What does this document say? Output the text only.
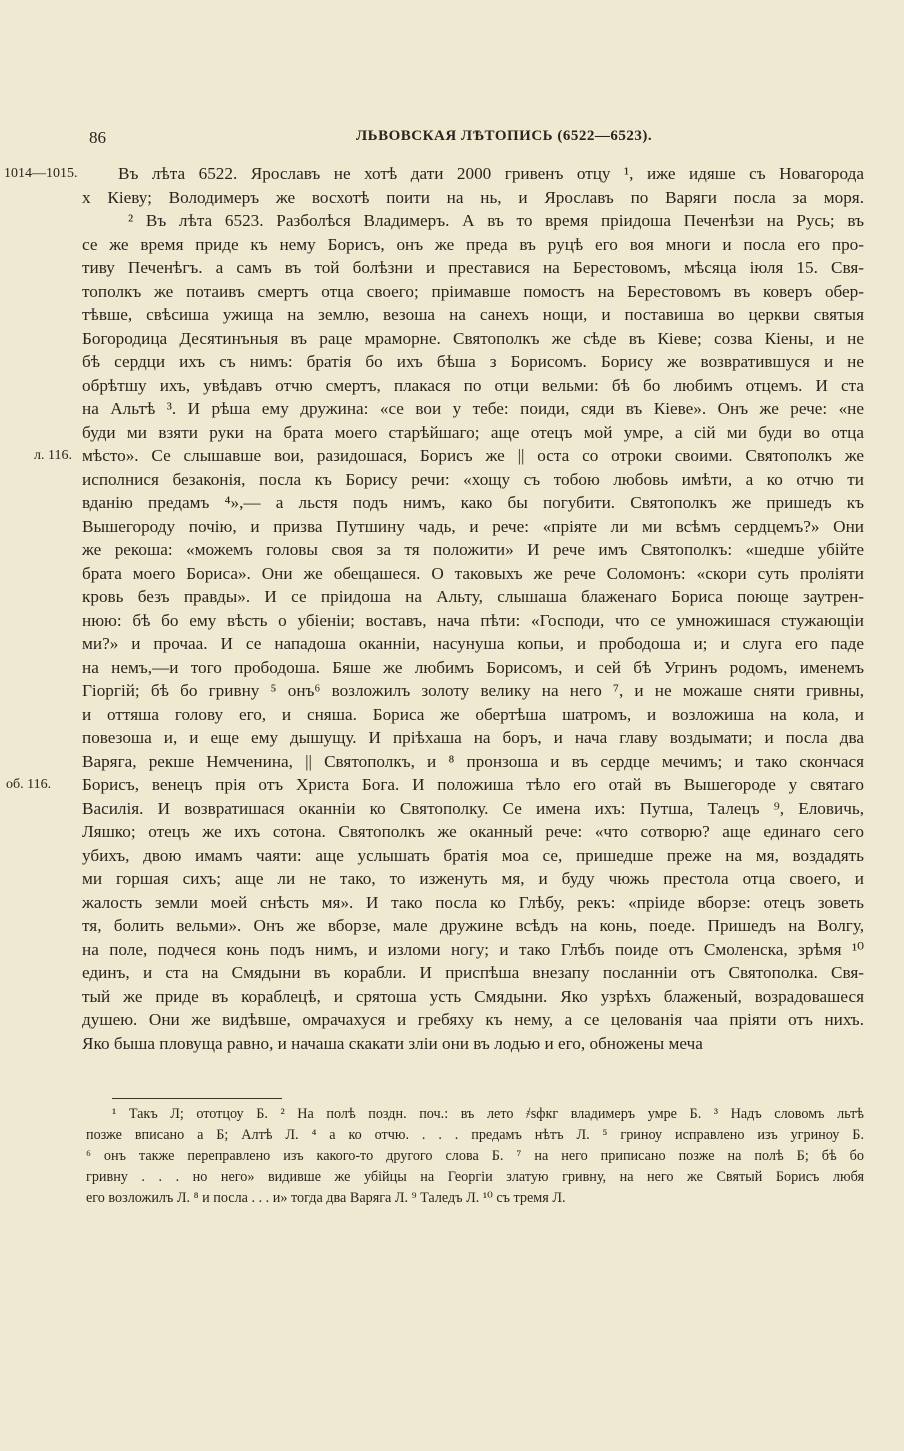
86	ЛЬВОВСКАЯ ЛѢТОПИСЬ (6522—6523).
1014—1015.
л. 116.
об. 116.
Въ лѣта 6522. Ярославъ не хотѣ дати 2000 гривенъ отцу ¹, иже идяше съ Новагорода
х Кіеву; Володимеръ же восхотѣ поити на нь, и Ярославъ по Варяги посла за моря.
² Въ лѣта 6523. Разболѣся Владимеръ. А въ то время пріидоша Печенѣзи на Русь; въ
се же время приде къ нему Борисъ, онъ же преда въ руцѣ его воя многи и посла его про-
тиву Печенѣгъ. а самъ въ той болѣзни и преставися на Берестовомъ, мѣсяца іюля 15. Свя-
тополкъ же потаивъ смертъ отца своего; пріимавше помостъ на Берестовомъ въ коверъ обер-
тѣвше, свѣсиша ужища на землю, везоша на санехъ нощи, и поставиша во церкви святыя
Богородица Десятинъныя въ раце мраморне. Святополкъ же сѣде въ Кіеве; созва Кіены, и не
бѣ сердци ихъ съ нимъ: братія бо ихъ бѣша з Борисомъ. Борису же возвратившуся и не
обрѣтшу ихъ, увѣдавъ отчю смертъ, плакася по отци вельми: бѣ бо любимъ отцемъ. И ста
на Альтѣ ³. И рѣша ему дружина: «се вои у тебе: поиди, сяди въ Кіеве». Онъ же рече: «не
буди ми взяти руки на брата моего старѣйшаго; аще отецъ мой умре, а сій ми буди во отца
мѣсто». Се слышавше вои, разидошася, Борисъ же || оста со отроки своими. Святополкъ же
исполнися безаконія, посла къ Борису речи: «хощу съ тобою любовь имѣти, а ко отчю ти
вданію предамъ ⁴»,— а льстя подъ нимъ, како бы погубити. Святополкъ же пришедъ къ
Вышегороду почію, и призва Путшину чадь, и рече: «пріяте ли ми всѣмъ сердцемъ?» Они
же рекоша: «можемъ головы своя за тя положити» И рече имъ Святополкъ: «шедше убійте
брата моего Бориса». Они же обещашеся. О таковыхъ же рече Соломонъ: «скори суть проліяти
кровь безъ правды». И се пріидоша на Альту, слышаша блаженаго Бориса поюще заутрен-
нюю: бѣ бо ему вѣсть о убіеніи; воставъ, нача пѣти: «Господи, что се умножишася стужающіи
ми?» и прочаа. И се нападоша оканніи, насунуша копьи, и прободоша и; и слуга его паде
на немъ,—и того прободоша. Бяше же любимъ Борисомъ, и сей бѣ Угринъ родомъ, именемъ
Гіоргій; бѣ бо гривну ⁵ онъ⁶ возложилъ золоту велику на него ⁷, и не можаше сняти гривны,
и оттяша голову его, и сняша. Бориса же обертѣша шатромъ, и возложиша на кола, и
повезоша и, и еще ему дышущу. И пріѣхаша на боръ, и нача главу воздымати; и посла два
Варяга, рекше Немченина, || Святополкъ, и ⁸ пронзоша и въ сердце мечимъ; и тако скончася
Борисъ, венецъ прія отъ Христа Бога. И положиша тѣло его отай въ Вышегороде у святаго
Василія. И возвратишася оканніи ко Святополку. Се имена ихъ: Путша, Талецъ ⁹, Еловичь,
Ляшко; отецъ же ихъ сотона. Святополкъ же оканный рече: «что сотворю? аще единаго сего
убихъ, двою имамъ чаяти: аще услышать братія моа се, пришедше преже на мя, воздадять
ми горшая сихъ; аще ли не тако, то изженуть мя, и буду чюжь престола отца своего, и
жалость земли моей снѣсть мя». И тако посла ко Глѣбу, рекъ: «пріиде вборзе: отецъ зоветь
тя, болить вельми». Онъ же вборзе, мале дружине всѣдъ на конь, поеде. Пришедъ на Волгу,
на поле, подчеся конь подъ нимъ, и изломи ногу; и тако Глѣбъ поиде отъ Смоленска, зрѣмя ¹⁰
единъ, и ста на Смядыни въ корабли. И приспѣша внезапу посланніи отъ Святополка. Свя-
тый же приде въ кораблецѣ, и срятоша усть Смядыни. Яко узрѣхъ блаженый, возрадовашеся
душею. Они же видѣвше, омрачахуся и гребяху къ нему, а се целованія чаа пріяти отъ нихъ.
Яко быша пловуща равно, и начаша скакати зліи они въ лодью и его, обножены меча
¹ Такъ Л; ототцоу Б. ² На полѣ поздн. поч.: въ лето ҂ѕфкг владимеръ умре Б. ³ Надъ словомъ льтѣ
позже вписано а Б; Алтѣ Л. ⁴ а ко отчю. . . . предамъ нѣтъ Л. ⁵ гриноу исправлено изъ угриноу Б.
⁶ онъ также переправлено изъ какого-то другого слова Б. ⁷ на него приписано позже на полѣ Б; бѣ бо
гривну . . . но него» видивше же убійцы на Георгіи златую гривну, на него же Святый Борисъ любя
его возложилъ Л. ⁸ и посла . . . и» тогда два Варяга Л. ⁹ Таледъ Л. ¹⁰ съ тремя Л.
